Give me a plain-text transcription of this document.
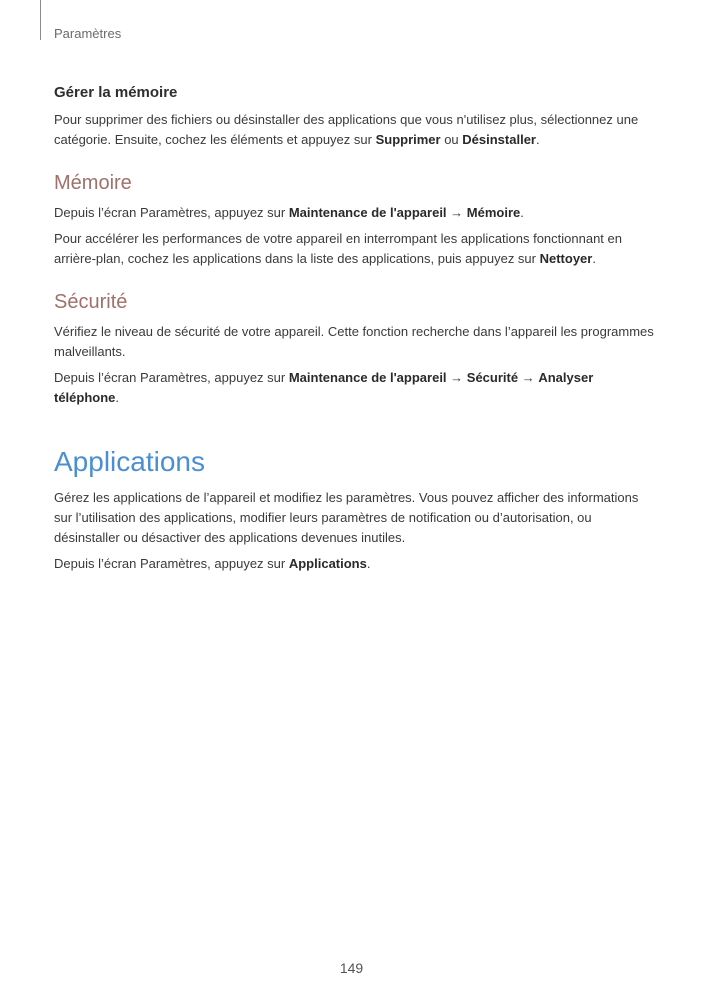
Paramètres
Gérer la mémoire

Pour supprimer des fichiers ou désinstaller des applications que vous n'utilisez plus, sélectionnez une catégorie. Ensuite, cochez les éléments et appuyez sur Supprimer ou Désinstaller.

Mémoire

Depuis l’écran Paramètres, appuyez sur Maintenance de l'appareil → Mémoire.

Pour accélérer les performances de votre appareil en interrompant les applications fonctionnant en arrière-plan, cochez les applications dans la liste des applications, puis appuyez sur Nettoyer.

Sécurité

Vérifiez le niveau de sécurité de votre appareil. Cette fonction recherche dans l’appareil les programmes malveillants.

Depuis l’écran Paramètres, appuyez sur Maintenance de l'appareil → Sécurité → Analyser téléphone.

Applications

Gérez les applications de l’appareil et modifiez les paramètres. Vous pouvez afficher des informations sur l’utilisation des applications, modifier leurs paramètres de notification ou d’autorisation, ou désinstaller ou désactiver des applications devenues inutiles.

Depuis l’écran Paramètres, appuyez sur Applications.

149
